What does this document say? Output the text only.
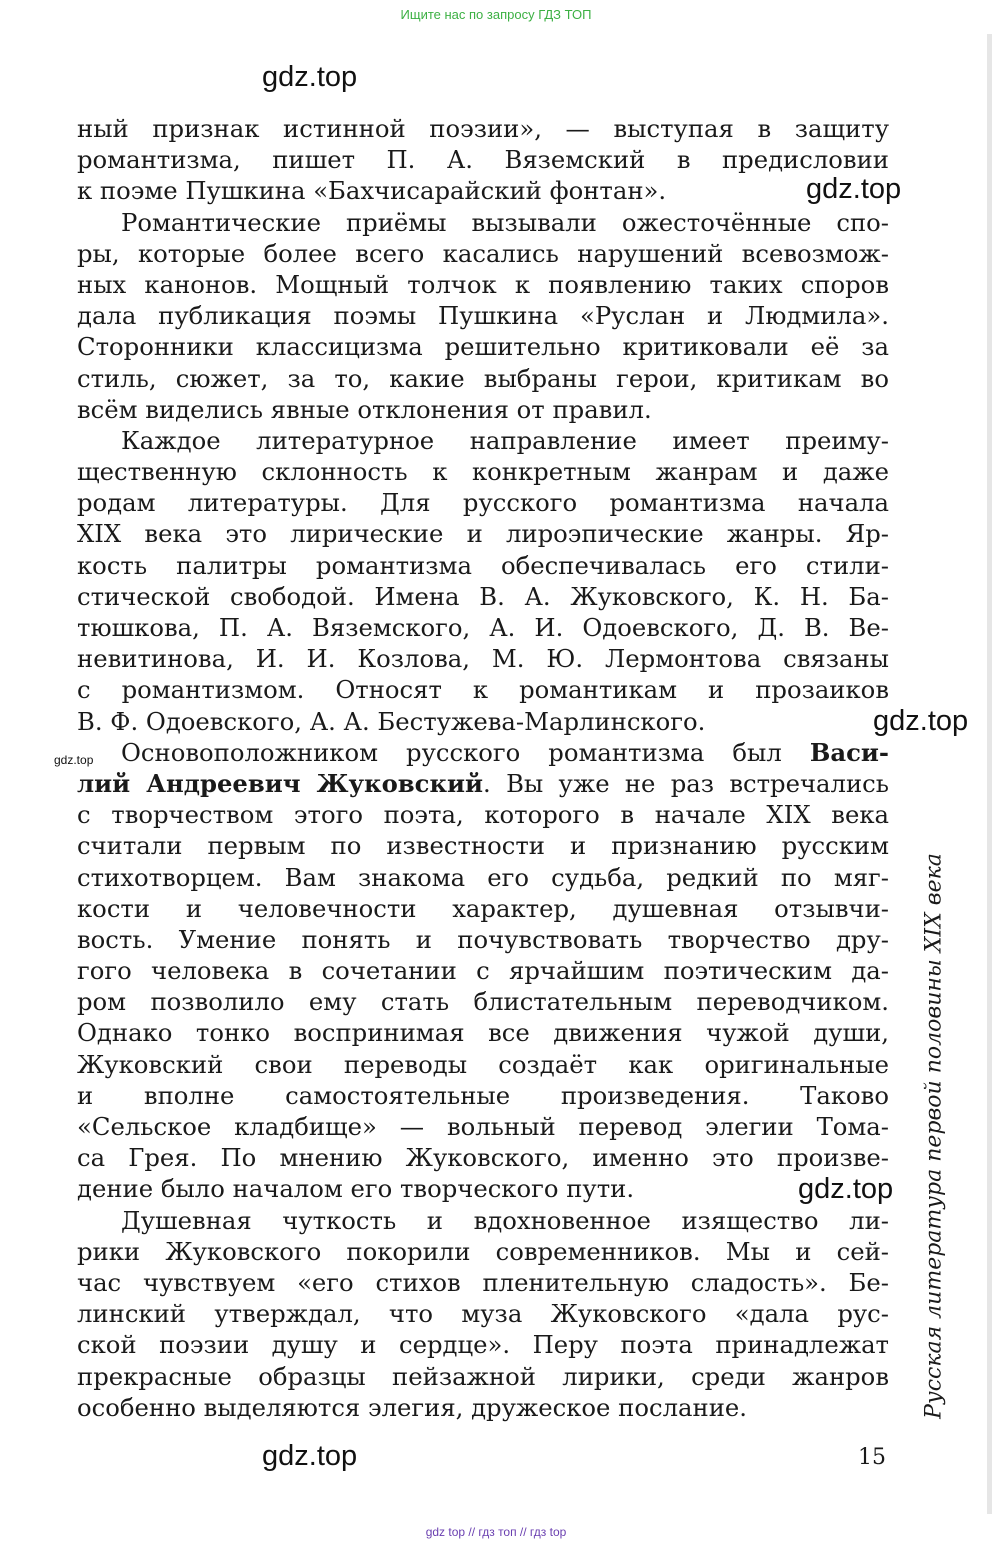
Ищите нас по запросу ГДЗ ТОП
gdz.top
gdz.top
gdz.top
gdz.top
gdz.top
gdz.top
ный признак истинной поэзии», — выступая в защиту
романтизма, пишет П. А. Вяземский в предисловии
к поэме Пушкина «Бахчисарайский фонтан».
Романтические приёмы вызывали ожесточённые спо-
ры, которые более всего касались нарушений всевозмож-
ных канонов. Мощный толчок к появлению таких споров
дала публикация поэмы Пушкина «Руслан и Людмила».
Сторонники классицизма решительно критиковали её за
стиль, сюжет, за то, какие выбраны герои, критикам во
всём виделись явные отклонения от правил.
Каждое литературное направление имеет преиму-
щественную склонность к конкретным жанрам и даже
родам литературы. Для русского романтизма начала
XIX века это лирические и лироэпические жанры. Яр-
кость палитры романтизма обеспечивалась его стили-
стической свободой. Имена В. А. Жуковского, К. Н. Ба-
тюшкова, П. А. Вяземского, А. И. Одоевского, Д. В. Ве-
невитинова, И. И. Козлова, М. Ю. Лермонтова связаны
с романтизмом. Относят к романтикам и прозаиков
В. Ф. Одоевского, А. А. Бестужева-Марлинского.
Основоположником русского романтизма был Васи-
лий Андреевич Жуковский. Вы уже не раз встречались
с творчеством этого поэта, которого в начале XIX века
считали первым по известности и признанию русским
стихотворцем. Вам знакома его судьба, редкий по мяг-
кости и человечности характер, душевная отзывчи-
вость. Умение понять и почувствовать творчество дру-
гого человека в сочетании с ярчайшим поэтическим да-
ром позволило ему стать блистательным переводчиком.
Однако тонко воспринимая все движения чужой души,
Жуковский свои переводы создаёт как оригинальные
и вполне самостоятельные произведения. Таково
«Сельское кладбище» — вольный перевод элегии Тома-
са Грея. По мнению Жуковского, именно это произве-
дение было началом его творческого пути.
Душевная чуткость и вдохновенное изящество ли-
рики Жуковского покорили современников. Мы и сей-
час чувствуем «его стихов пленительную сладость». Бе-
линский утверждал, что муза Жуковского «дала рус-
ской поэзии душу и сердце». Перу поэта принадлежат
прекрасные образцы пейзажной лирики, среди жанров
особенно выделяются элегия, дружеское послание.	Русская литература первой половины XIX века
15
gdz top // гдз топ // гдз top
